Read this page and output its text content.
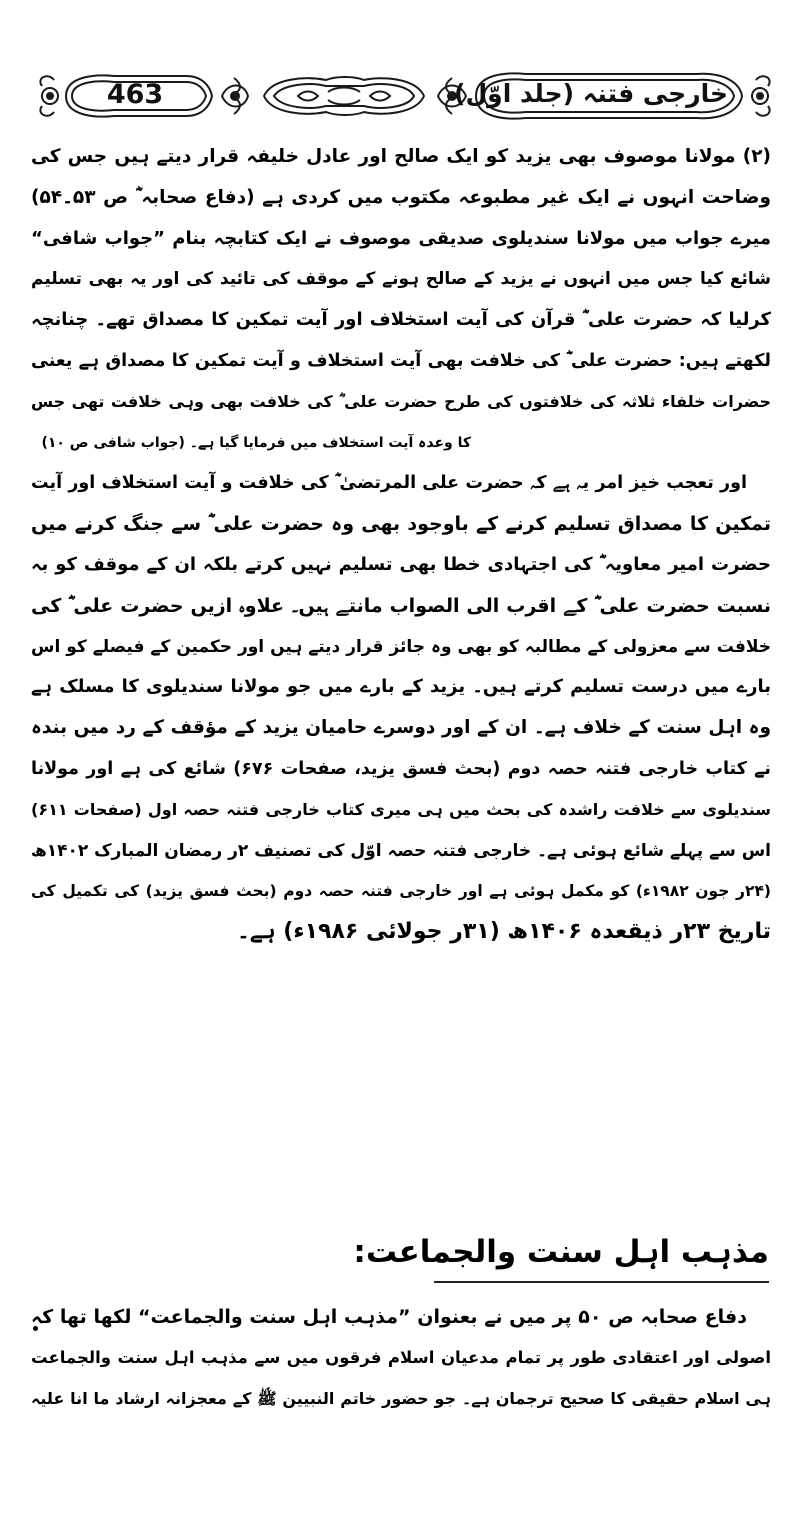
463	خارجی فتنہ (جلد اوّل)
(۲) مولانا موصوف بھی یزید کو ایک صالح اور عادل خلیفہ قرار دیتے ہیں جس کی
وضاحت انہوں نے ایک غیر مطبوعہ مکتوب میں کردی ہے (دفاع صحابہ ؓ ص ۵۳۔۵۴)
میرے جواب میں مولانا سندیلوی صدیقی موصوف نے ایک کتابچہ بنام ”جواب شافی“
شائع کیا جس میں انہوں نے یزید کے صالح ہونے کے موقف کی تائید کی اور یہ بھی تسلیم
کرلیا کہ حضرت علی ؓ قرآن کی آیت استخلاف اور آیت تمکین کا مصداق تھے۔ چنانچہ
لکھتے ہیں: حضرت علی ؓ کی خلافت بھی آیت استخلاف و آیت تمکین کا مصداق ہے یعنی
حضرات خلفاء ثلاثہ کی خلافتوں کی طرح حضرت علی ؓ کی خلافت بھی وہی خلافت تھی جس
کا وعدہ آیت استخلاف میں فرمایا گیا ہے۔ (جواب شافی ص ۱۰)
اور تعجب خیز امر یہ ہے کہ حضرت علی المرتضیٰ ؓ کی خلافت و آیت استخلاف اور آیت
تمکین کا مصداق تسلیم کرنے کے باوجود بھی وہ حضرت علی ؓ سے جنگ کرنے میں
حضرت امیر معاویہ ؓ کی اجتہادی خطا بھی تسلیم نہیں کرتے بلکہ ان کے موقف کو بہ
نسبت حضرت علی ؓ کے اقرب الی الصواب مانتے ہیں۔ علاوہ ازیں حضرت علی ؓ کی
خلافت سے معزولی کے مطالبہ کو بھی وہ جائز قرار دیتے ہیں اور حکمین کے فیصلے کو اس
بارے میں درست تسلیم کرتے ہیں۔ یزید کے بارے میں جو مولانا سندیلوی کا مسلک ہے
وہ اہل سنت کے خلاف ہے۔ ان کے اور دوسرے حامیان یزید کے مؤقف کے رد میں بندہ
نے کتاب خارجی فتنہ حصہ دوم (بحث فسق یزید، صفحات ۶۷۶) شائع کی ہے اور مولانا
سندیلوی سے خلافت راشدہ کی بحث میں ہی میری کتاب خارجی فتنہ حصہ اول (صفحات ۶۱۱)
اس سے پہلے شائع ہوئی ہے۔ خارجی فتنہ حصہ اوّل کی تصنیف ۲ر رمضان المبارک ۱۴۰۲ھ
(۲۴ر جون ۱۹۸۲ء) کو مکمل ہوئی ہے اور خارجی فتنہ حصہ دوم (بحث فسق یزید) کی تکمیل کی
تاریخ ۲۳ر ذیقعدہ ۱۴۰۶ھ (۳۱ر جولائی ۱۹۸۶ء) ہے۔
مذہب اہل سنت والجماعت:
دفاع صحابہ ص ۵۰ پر میں نے بعنوان ”مذہب اہل سنت والجماعت“ لکھا تھا کہ
اصولی اور اعتقادی طور پر تمام مدعیان اسلام فرقوں میں سے مذہب اہل سنت والجماعت
ہی اسلام حقیقی کا صحیح ترجمان ہے۔ جو حضور خاتم النبیین ﷺ کے معجزانہ ارشاد ما انا علیہ
